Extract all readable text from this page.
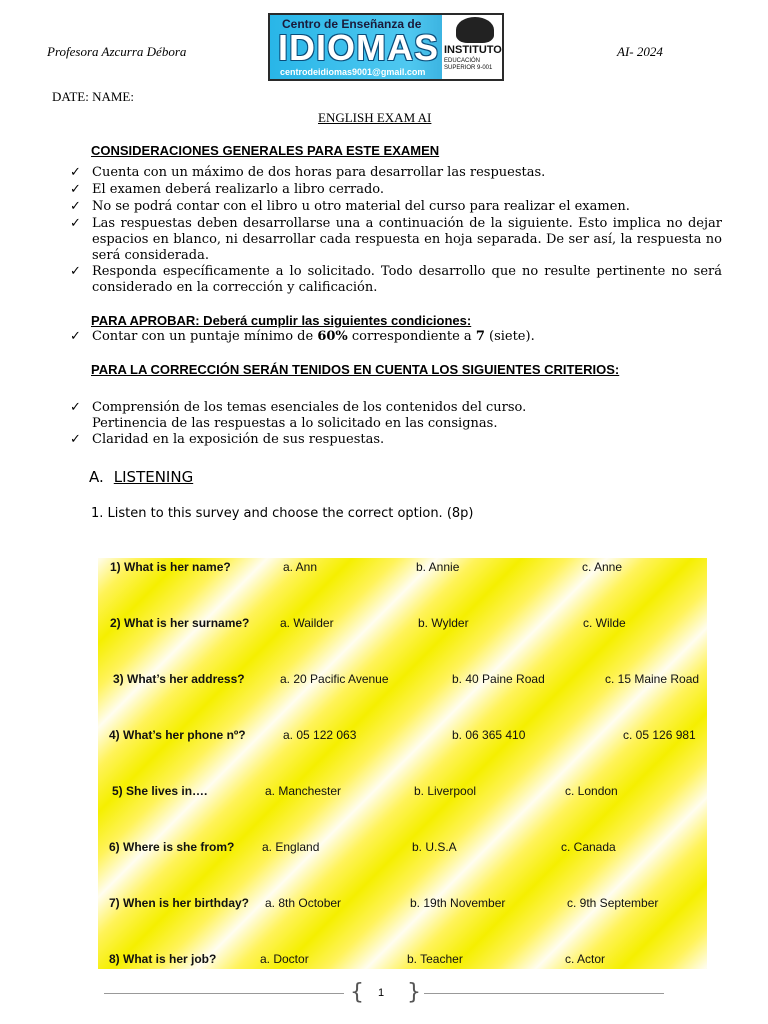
Profesora Azcurra Débora
Centro de Enseñanza de
IDIOMAS
centrodeidiomas9001@gmail.com
INSTITUTO
EDUCACIÓN SUPERIOR 9-001
AI- 2024
DATE: NAME:
ENGLISH EXAM AI
CONSIDERACIONES GENERALES PARA ESTE EXAMEN
✓ Cuenta con un máximo de dos horas para desarrollar las respuestas.
✓ El examen deberá realizarlo a libro cerrado.
✓ No se podrá contar con el libro u otro material del curso para realizar el examen.
✓ Las respuestas deben desarrollarse una a continuación de la siguiente. Esto implica no dejar espacios en blanco, ni desarrollar cada respuesta en hoja separada. De ser así, la respuesta no será considerada.
✓ Responda específicamente a lo solicitado. Todo desarrollo que no resulte pertinente no será considerado en la corrección y calificación.
PARA APROBAR: Deberá cumplir las siguientes condiciones:
✓ Contar con un puntaje mínimo de 60% correspondiente a 7 (siete).
PARA LA CORRECCIÓN SERÁN TENIDOS EN CUENTA LOS SIGUIENTES CRITERIOS:
✓ Comprensión de los temas esenciales de los contenidos del curso.
Pertinencia de las respuestas a lo solicitado en las consignas.
✓ Claridad en la exposición de sus respuestas.
A. LISTENING
1. Listen to this survey and choose the correct option. (8p)
1) What is her name?	a. Ann	b. Annie	c. Anne
2) What is her surname?	a. Wailder	b. Wylder	c. Wilde
3) What’s her address?	a. 20 Pacific Avenue	b. 40 Paine Road	c. 15 Maine Road
4) What’s her phone nº?	a. 05 122 063	b. 06 365 410	c. 05 126 981
5) She lives in….	a. Manchester	b. Liverpool	c. London
6) Where is she from? a. England	b. U.S.A	c. Canada
7) When is her birthday? a. 8th October	b. 19th November	c. 9th September
8) What is her job?	a. Doctor	b. Teacher	c. Actor
{ 1 }
